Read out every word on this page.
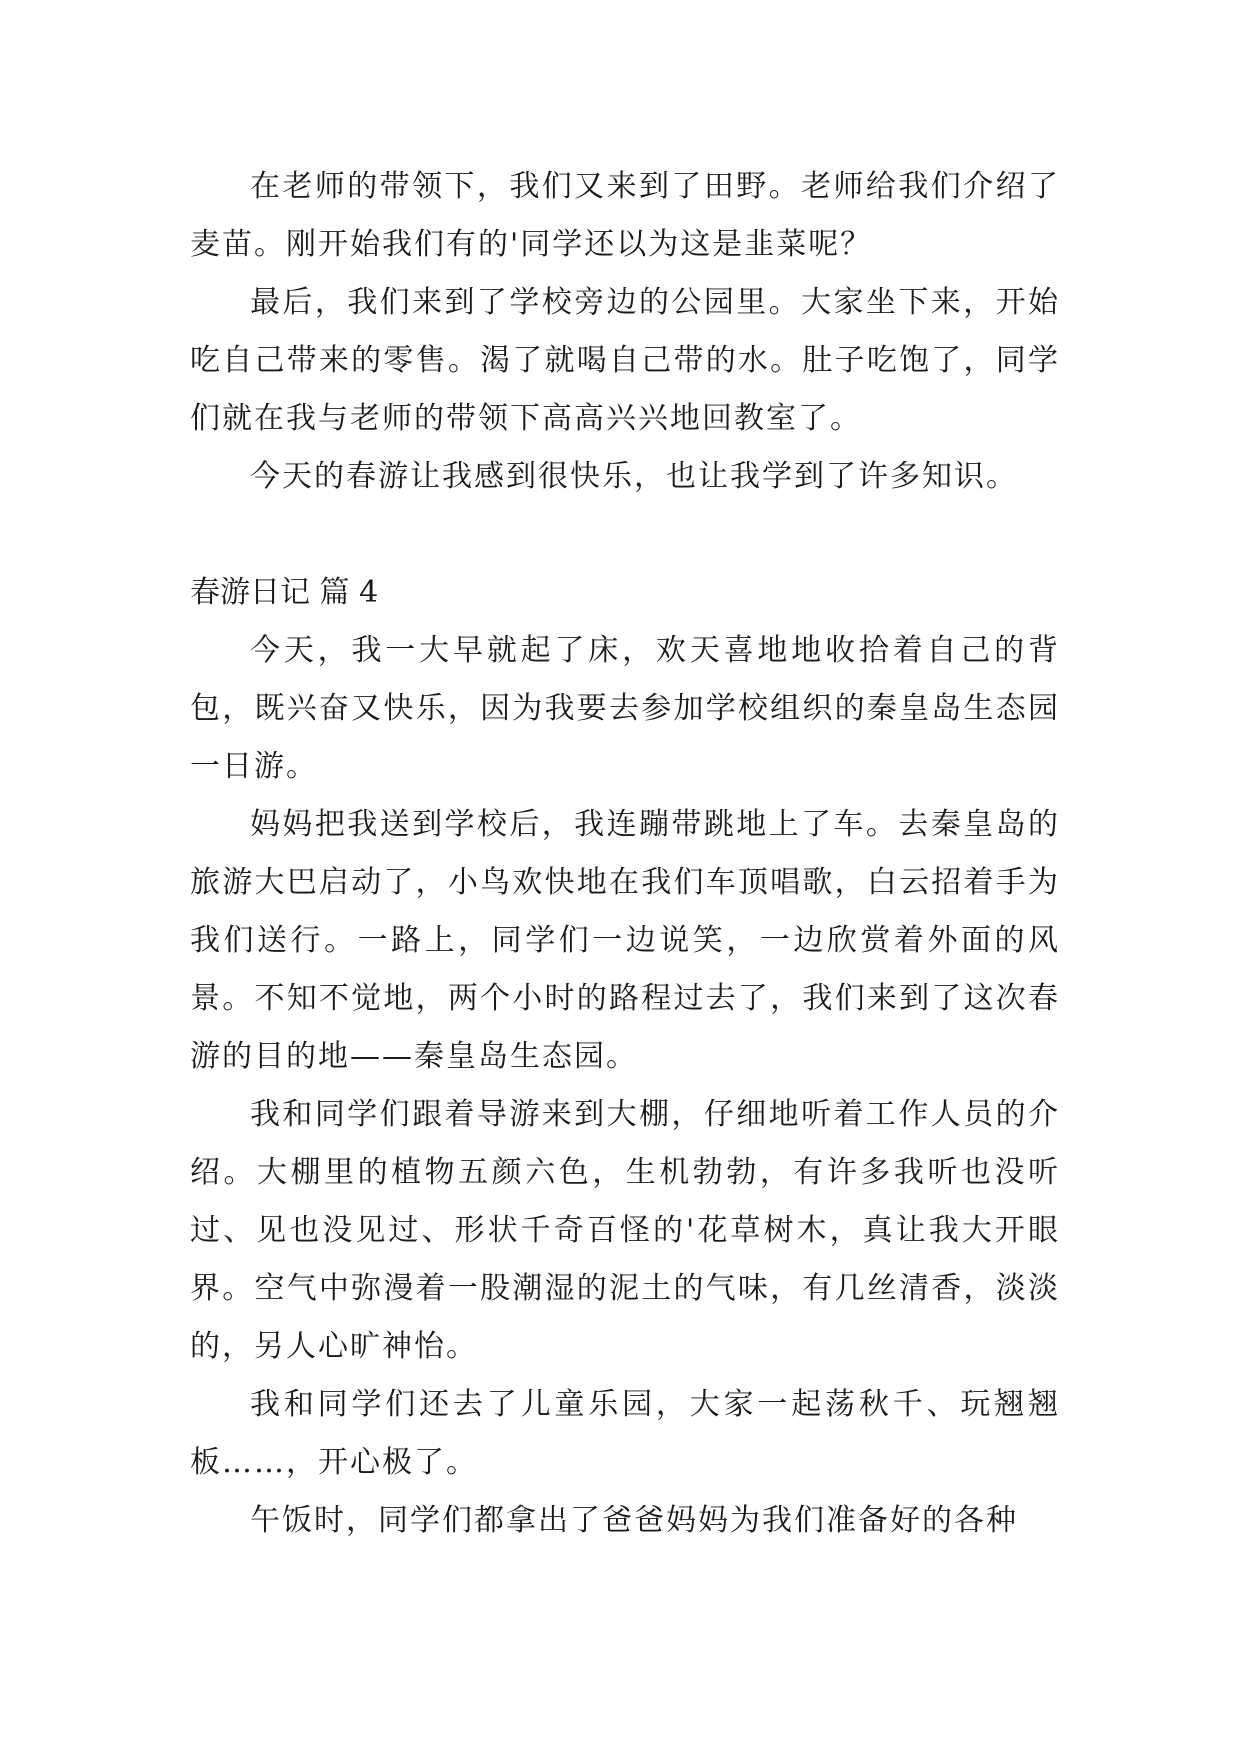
在老师的带领下，我们又来到了田野。老师给我们介绍了麦苗。刚开始我们有的'同学还以为这是韭菜呢？

最后，我们来到了学校旁边的公园里。大家坐下来，开始吃自己带来的零售。渴了就喝自己带的水。肚子吃饱了，同学们就在我与老师的带领下高高兴兴地回教室了。

今天的春游让我感到很快乐，也让我学到了许多知识。

春游日记 篇 4

今天，我一大早就起了床，欢天喜地地收拾着自己的背包，既兴奋又快乐，因为我要去参加学校组织的秦皇岛生态园一日游。

妈妈把我送到学校后，我连蹦带跳地上了车。去秦皇岛的旅游大巴启动了，小鸟欢快地在我们车顶唱歌，白云招着手为我们送行。一路上，同学们一边说笑，一边欣赏着外面的风景。不知不觉地，两个小时的路程过去了，我们来到了这次春游的目的地——秦皇岛生态园。

我和同学们跟着导游来到大棚，仔细地听着工作人员的介绍。大棚里的植物五颜六色，生机勃勃，有许多我听也没听过、见也没见过、形状千奇百怪的'花草树木，真让我大开眼界。空气中弥漫着一股潮湿的泥土的气味，有几丝清香，淡淡的，另人心旷神怡。

我和同学们还去了儿童乐园，大家一起荡秋千、玩翘翘板……，开心极了。

午饭时，同学们都拿出了爸爸妈妈为我们准备好的各种
